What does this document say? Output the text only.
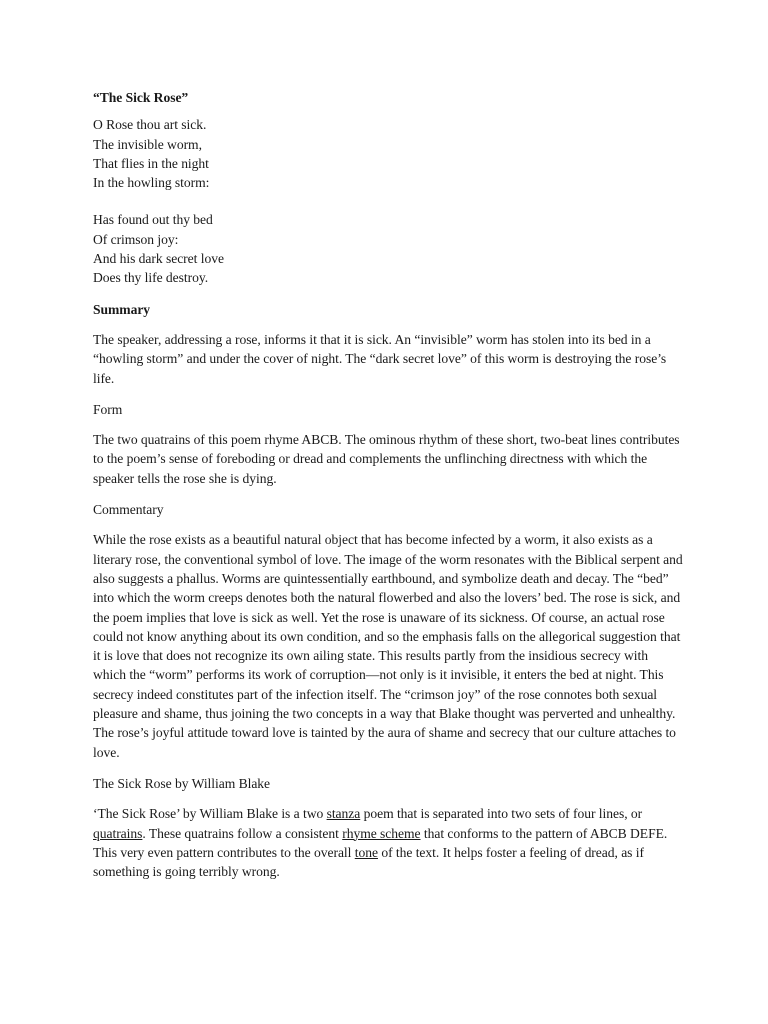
“The Sick Rose”

O Rose thou art sick.
The invisible worm,
That flies in the night
In the howling storm:

Has found out thy bed
Of crimson joy:
And his dark secret love
Does thy life destroy.

Summary

The speaker, addressing a rose, informs it that it is sick. An “invisible” worm has stolen into its bed in a “howling storm” and under the cover of night. The “dark secret love” of this worm is destroying the rose’s life.

Form

The two quatrains of this poem rhyme ABCB. The ominous rhythm of these short, two-beat lines contributes to the poem’s sense of foreboding or dread and complements the unflinching directness with which the speaker tells the rose she is dying.

Commentary

While the rose exists as a beautiful natural object that has become infected by a worm, it also exists as a literary rose, the conventional symbol of love. The image of the worm resonates with the Biblical serpent and also suggests a phallus. Worms are quintessentially earthbound, and symbolize death and decay. The “bed” into which the worm creeps denotes both the natural flowerbed and also the lovers’ bed. The rose is sick, and the poem implies that love is sick as well. Yet the rose is unaware of its sickness. Of course, an actual rose could not know anything about its own condition, and so the emphasis falls on the allegorical suggestion that it is love that does not recognize its own ailing state. This results partly from the insidious secrecy with which the “worm” performs its work of corruption—not only is it invisible, it enters the bed at night. This secrecy indeed constitutes part of the infection itself. The “crimson joy” of the rose connotes both sexual pleasure and shame, thus joining the two concepts in a way that Blake thought was perverted and unhealthy. The rose’s joyful attitude toward love is tainted by the aura of shame and secrecy that our culture attaches to love.

The Sick Rose by William Blake

‘The Sick Rose’ by William Blake is a two stanza poem that is separated into two sets of four lines, or quatrains. These quatrains follow a consistent rhyme scheme that conforms to the pattern of ABCB DEFE. This very even pattern contributes to the overall tone of the text. It helps foster a feeling of dread, as if something is going terribly wrong.
